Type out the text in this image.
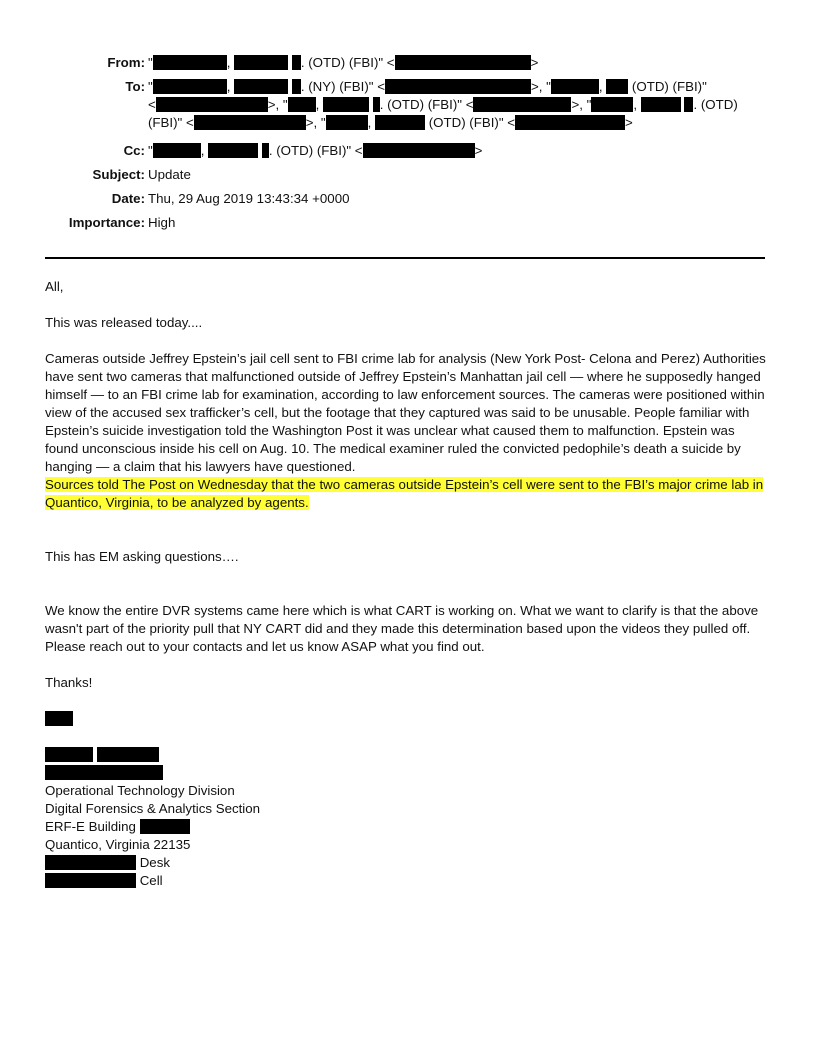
From: "	,	. (OTD) (FBI)" <	>
To: "	,	. (NY) (FBI)" <	>, "	,  (OTD) (FBI)"
<	>, " ,	. (OTD) (FBI)" <	>, "	,	. (OTD)
(FBI)" <	>, "	,	(OTD) (FBI)" <	>
Cc: "	,	. (OTD) (FBI)" <	>
Subject: Update
Date: Thu, 29 Aug 2019 13:43:34 +0000
Importance: High
All,
This was released today....
Cameras outside Jeffrey Epstein’s jail cell sent to FBI crime lab for analysis (New York Post- Celona and Perez) Authorities have sent two cameras that malfunctioned outside of Jeffrey Epstein’s Manhattan jail cell — where he supposedly hanged himself — to an FBI crime lab for examination, according to law enforcement sources. The cameras were positioned within view of the accused sex trafficker’s cell, but the footage that they captured was said to be unusable. People familiar with Epstein’s suicide investigation told the Washington Post it was unclear what caused them to malfunction. Epstein was found unconscious inside his cell on Aug. 10. The medical examiner ruled the convicted pedophile’s death a suicide by hanging — a claim that his lawyers have questioned.
Sources told The Post on Wednesday that the two cameras outside Epstein’s cell were sent to the FBI’s major crime lab in Quantico, Virginia, to be analyzed by agents.
This has EM asking questions….
We know the entire DVR systems came here which is what CART is working on. What we want to clarify is that the above wasn't part of the priority pull that NY CART did and they made this determination based upon the videos they pulled off. Please reach out to your contacts and let us know ASAP what you find out.
Thanks!

Operational Technology Division
Digital Forensics & Analytics Section
ERF-E Building
Quantico, Virginia 22135
Desk
Cell
